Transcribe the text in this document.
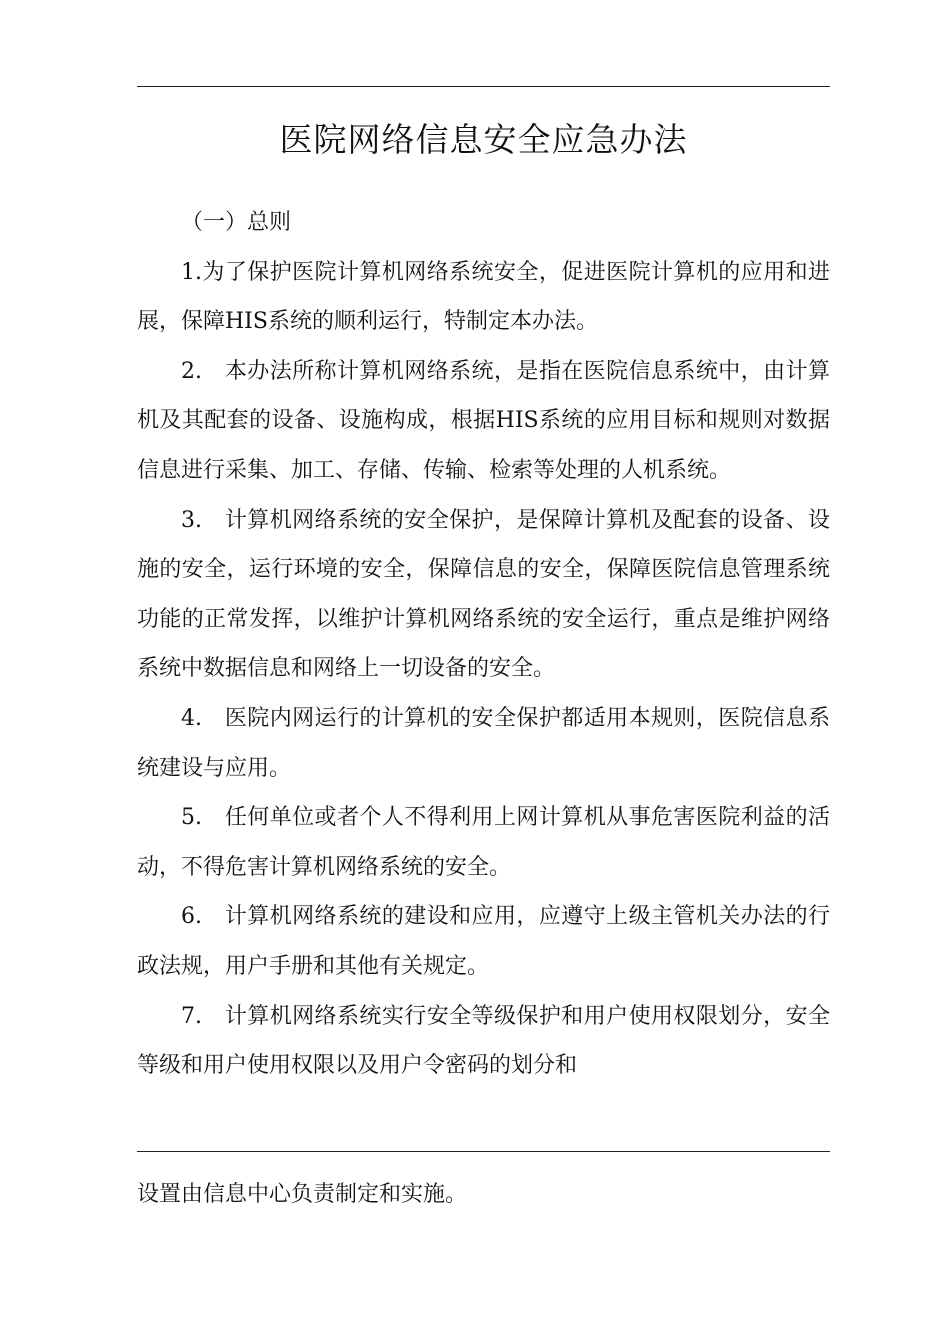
医院网络信息安全应急办法

（一）总则

1.为了保护医院计算机网络系统安全，促进医院计算机的应用和进展，保障HIS系统的顺利运行，特制定本办法。

2.　本办法所称计算机网络系统，是指在医院信息系统中，由计算机及其配套的设备、设施构成，根据HIS系统的应用目标和规则对数据信息进行采集、加工、存储、传输、检索等处理的人机系统。

3.　计算机网络系统的安全保护，是保障计算机及配套的设备、设施的安全，运行环境的安全，保障信息的安全，保障医院信息管理系统功能的正常发挥，以维护计算机网络系统的安全运行，重点是维护网络系统中数据信息和网络上一切设备的安全。

4.　医院内网运行的计算机的安全保护都适用本规则，医院信息系统建设与应用。

5.　任何单位或者个人不得利用上网计算机从事危害医院利益的活动，不得危害计算机网络系统的安全。

6.　计算机网络系统的建设和应用，应遵守上级主管机关办法的行政法规，用户手册和其他有关规定。

7.　计算机网络系统实行安全等级保护和用户使用权限划分，安全等级和用户使用权限以及用户令密码的划分和

设置由信息中心负责制定和实施。
